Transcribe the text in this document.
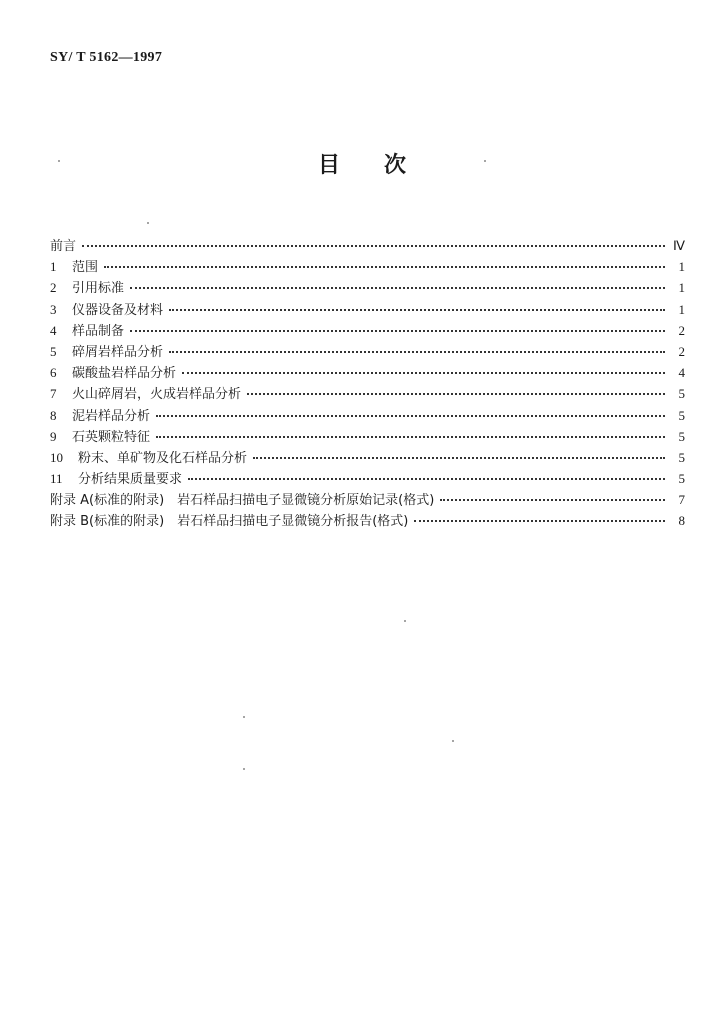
SY/ T 5162—1997
目 次
前言	Ⅳ
1	范围	1
2	引用标准	1
3	仪器设备及材料	1
4	样品制备	2
5	碎屑岩样品分析	2
6	碳酸盐岩样品分析	4
7	火山碎屑岩，火成岩样品分析	5
8	泥岩样品分析	5
9	石英颗粒特征	5
10	粉末、单矿物及化石样品分析	5
11	分析结果质量要求	5
附录 A(标准的附录)　岩石样品扫描电子显微镜分析原始记录(格式)	7
附录 B(标准的附录)　岩石样品扫描电子显微镜分析报告(格式)	8
